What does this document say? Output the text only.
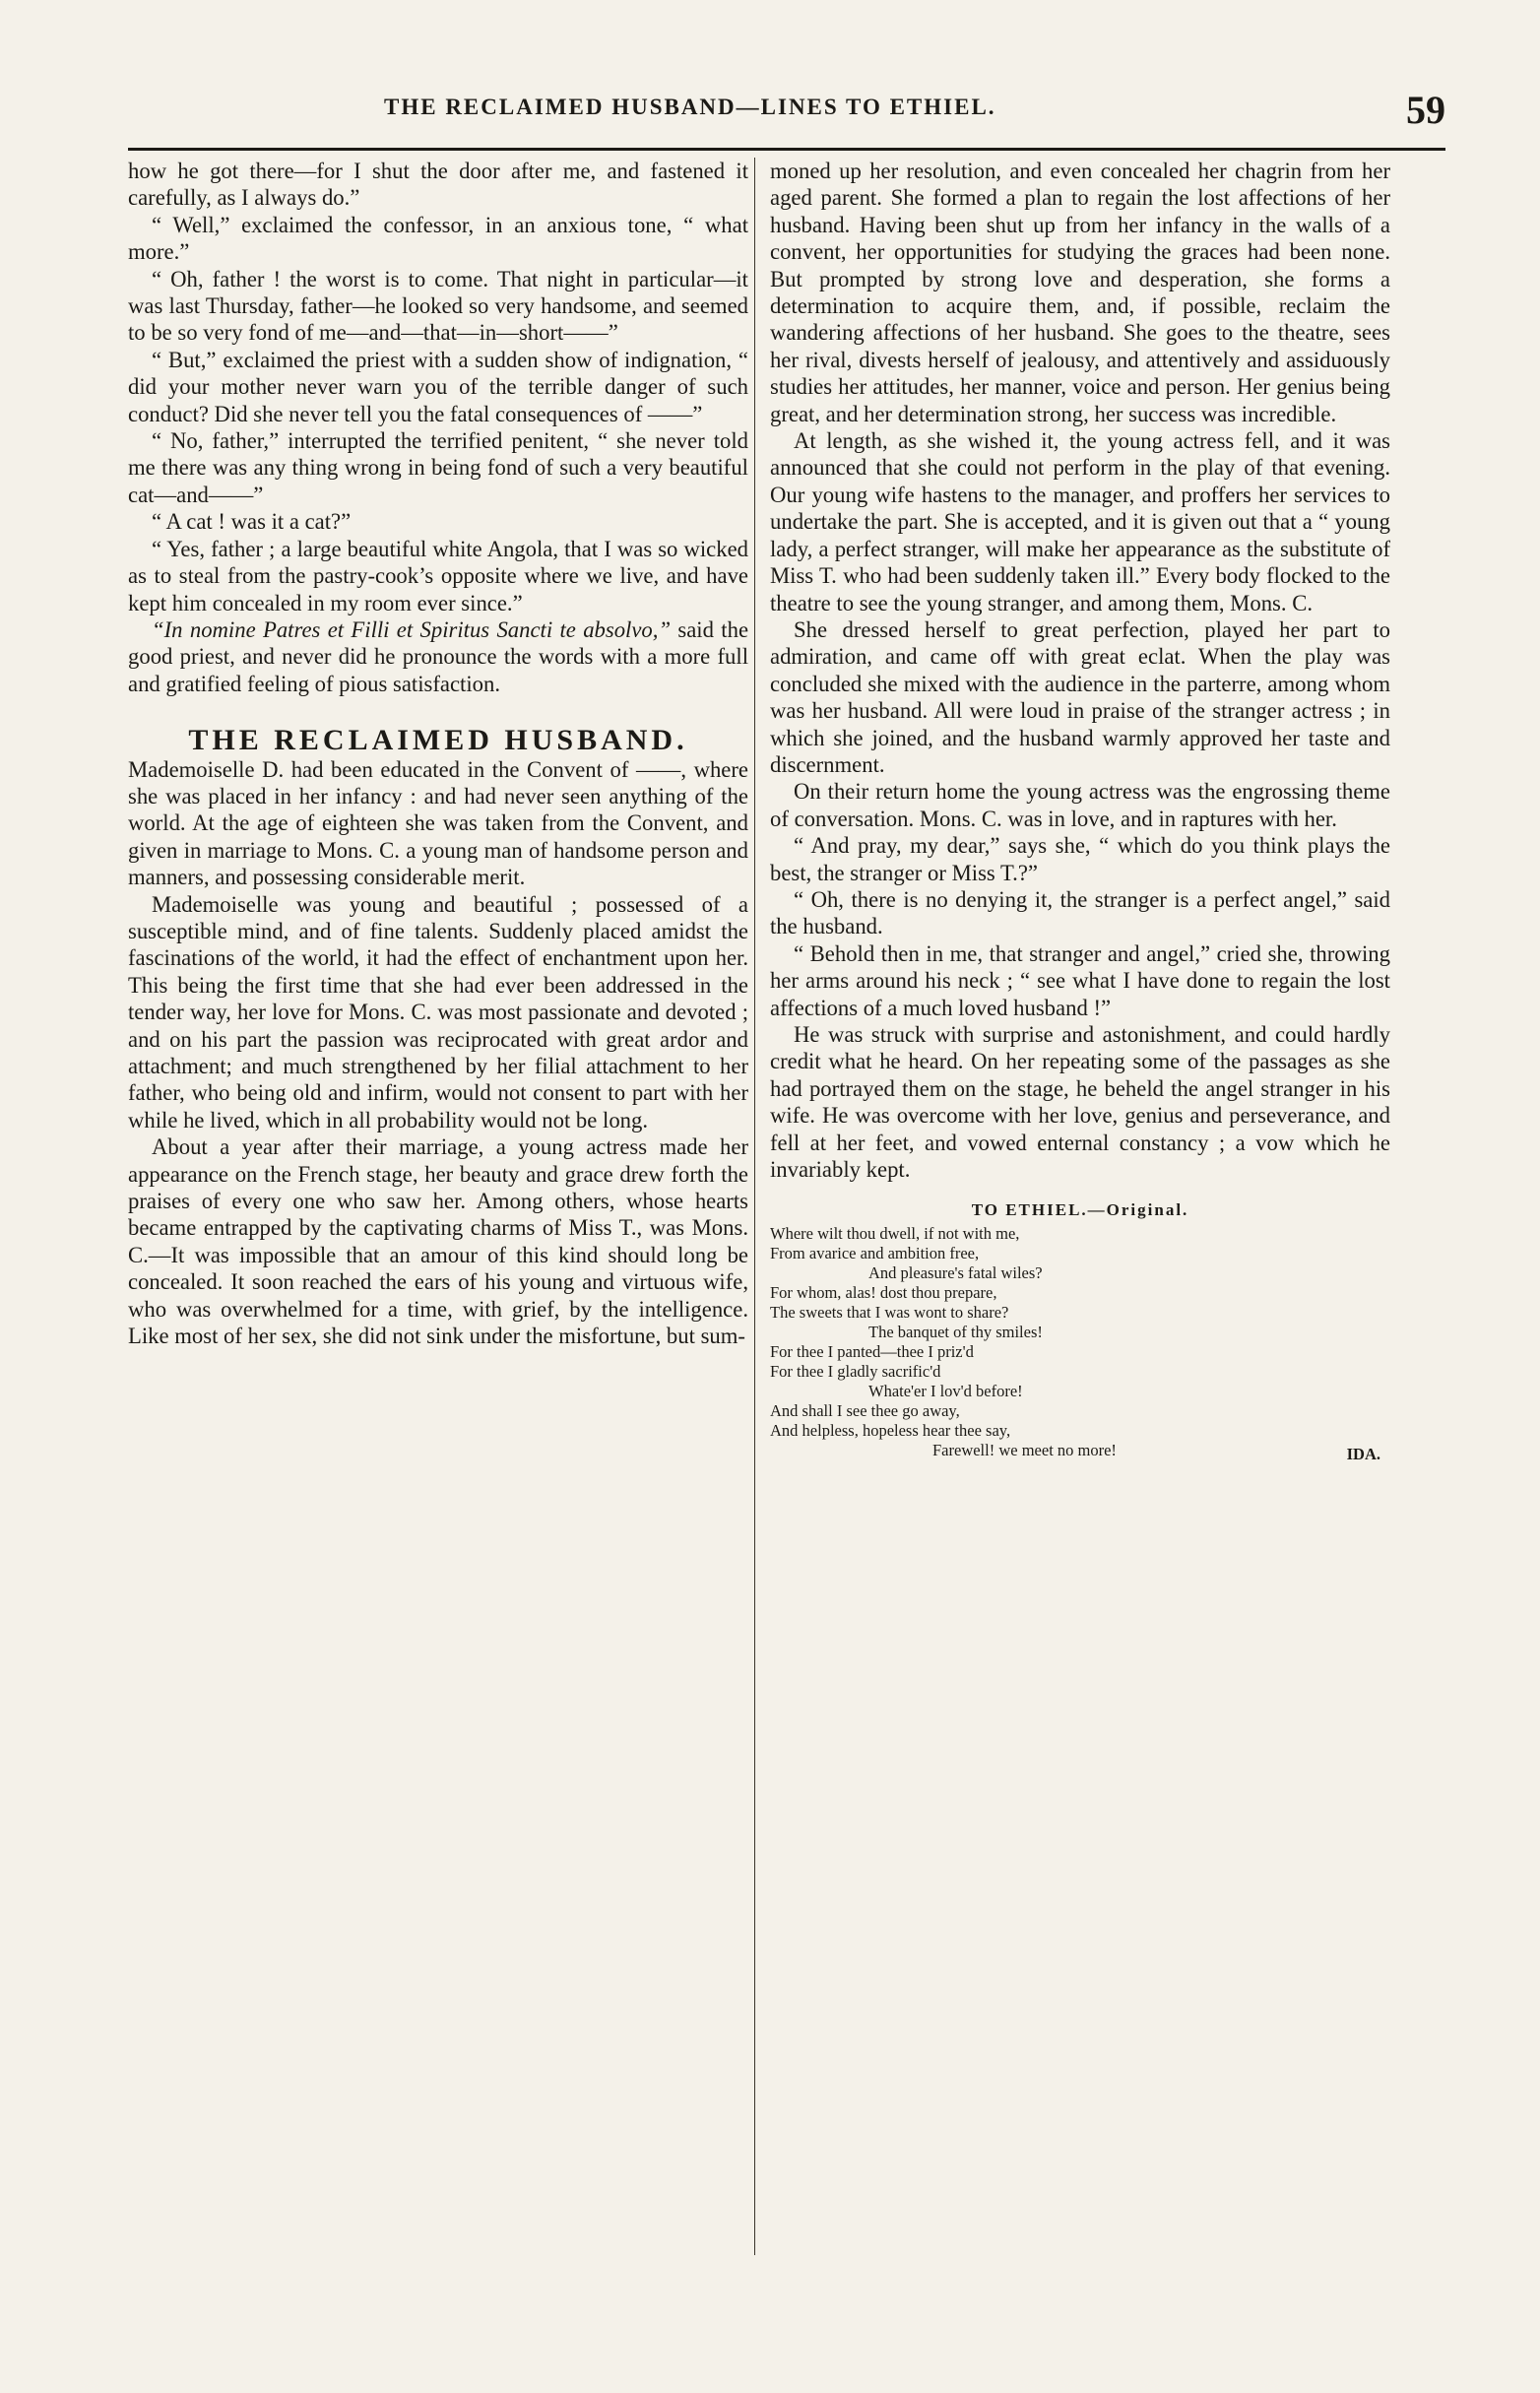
THE RECLAIMED HUSBAND—LINES TO ETHIEL.	59

how he got there—for I shut the door after me, and fastened it carefully, as I always do.”

“ Well,” exclaimed the confessor, in an anxious tone, “ what more.”

“ Oh, father ! the worst is to come. That night in particular—it was last Thursday, father—he looked so very handsome, and seemed to be so very fond of me—and—that—in—short——”

“ But,” exclaimed the priest with a sudden show of indignation, “ did your mother never warn you of the terrible danger of such conduct? Did she never tell you the fatal consequences of ——”

“ No, father,” interrupted the terrified penitent, “ she never told me there was any thing wrong in being fond of such a very beautiful cat—and——”

“ A cat ! was it a cat?”

“ Yes, father ; a large beautiful white Angola, that I was so wicked as to steal from the pastry-cook’s opposite where we live, and have kept him concealed in my room ever since.”

“In nomine Patres et Filli et Spiritus Sancti te absolvo,” said the good priest, and never did he pronounce the words with a more full and gratified feeling of pious satisfaction.

THE RECLAIMED HUSBAND.

Mademoiselle D. had been educated in the Convent of ——, where she was placed in her infancy : and had never seen anything of the world. At the age of eighteen she was taken from the Convent, and given in marriage to Mons. C. a young man of handsome person and manners, and possessing considerable merit.

Mademoiselle was young and beautiful ; possessed of a susceptible mind, and of fine talents. Suddenly placed amidst the fascinations of the world, it had the effect of enchantment upon her. This being the first time that she had ever been addressed in the tender way, her love for Mons. C. was most passionate and devoted ; and on his part the passion was reciprocated with great ardor and attachment; and much strengthened by her filial attachment to her father, who being old and infirm, would not consent to part with her while he lived, which in all probability would not be long.

About a year after their marriage, a young actress made her appearance on the French stage, her beauty and grace drew forth the praises of every one who saw her. Among others, whose hearts became entrapped by the captivating charms of Miss T., was Mons. C.—It was impossible that an amour of this kind should long be concealed. It soon reached the ears of his young and virtuous wife, who was overwhelmed for a time, with grief, by the intelligence. Like most of her sex, she did not sink under the misfortune, but sum-

moned up her resolution, and even concealed her chagrin from her aged parent. She formed a plan to regain the lost affections of her husband. Having been shut up from her infancy in the walls of a convent, her opportunities for studying the graces had been none. But prompted by strong love and desperation, she forms a determination to acquire them, and, if possible, reclaim the wandering affections of her husband. She goes to the theatre, sees her rival, divests herself of jealousy, and attentively and assiduously studies her attitudes, her manner, voice and person. Her genius being great, and her determination strong, her success was incredible.

At length, as she wished it, the young actress fell, and it was announced that she could not perform in the play of that evening. Our young wife hastens to the manager, and proffers her services to undertake the part. She is accepted, and it is given out that a “ young lady, a perfect stranger, will make her appearance as the substitute of Miss T. who had been suddenly taken ill.” Every body flocked to the theatre to see the young stranger, and among them, Mons. C.

She dressed herself to great perfection, played her part to admiration, and came off with great eclat. When the play was concluded she mixed with the audience in the parterre, among whom was her husband. All were loud in praise of the stranger actress ; in which she joined, and the husband warmly approved her taste and discernment.

On their return home the young actress was the engrossing theme of conversation. Mons. C. was in love, and in raptures with her.

“ And pray, my dear,” says she, “ which do you think plays the best, the stranger or Miss T.?”

“ Oh, there is no denying it, the stranger is a perfect angel,” said the husband.

“ Behold then in me, that stranger and angel,” cried she, throwing her arms around his neck ; “ see what I have done to regain the lost affections of a much loved husband !”

He was struck with surprise and astonishment, and could hardly credit what he heard. On her repeating some of the passages as she had portrayed them on the stage, he beheld the angel stranger in his wife. He was overcome with her love, genius and perseverance, and fell at her feet, and vowed enternal constancy ; a vow which he invariably kept.

TO ETHIEL.—Original.
Where wilt thou dwell, if not with me,
From avarice and ambition free,
And pleasure's fatal wiles?
For whom, alas! dost thou prepare,
The sweets that I was wont to share?
The banquet of thy smiles!
For thee I panted—thee I priz'd
For thee I gladly sacrific'd
Whate'er I lov'd before!
And shall I see thee go away,
And helpless, hopeless hear thee say,
Farewell! we meet no more!	IDA.
